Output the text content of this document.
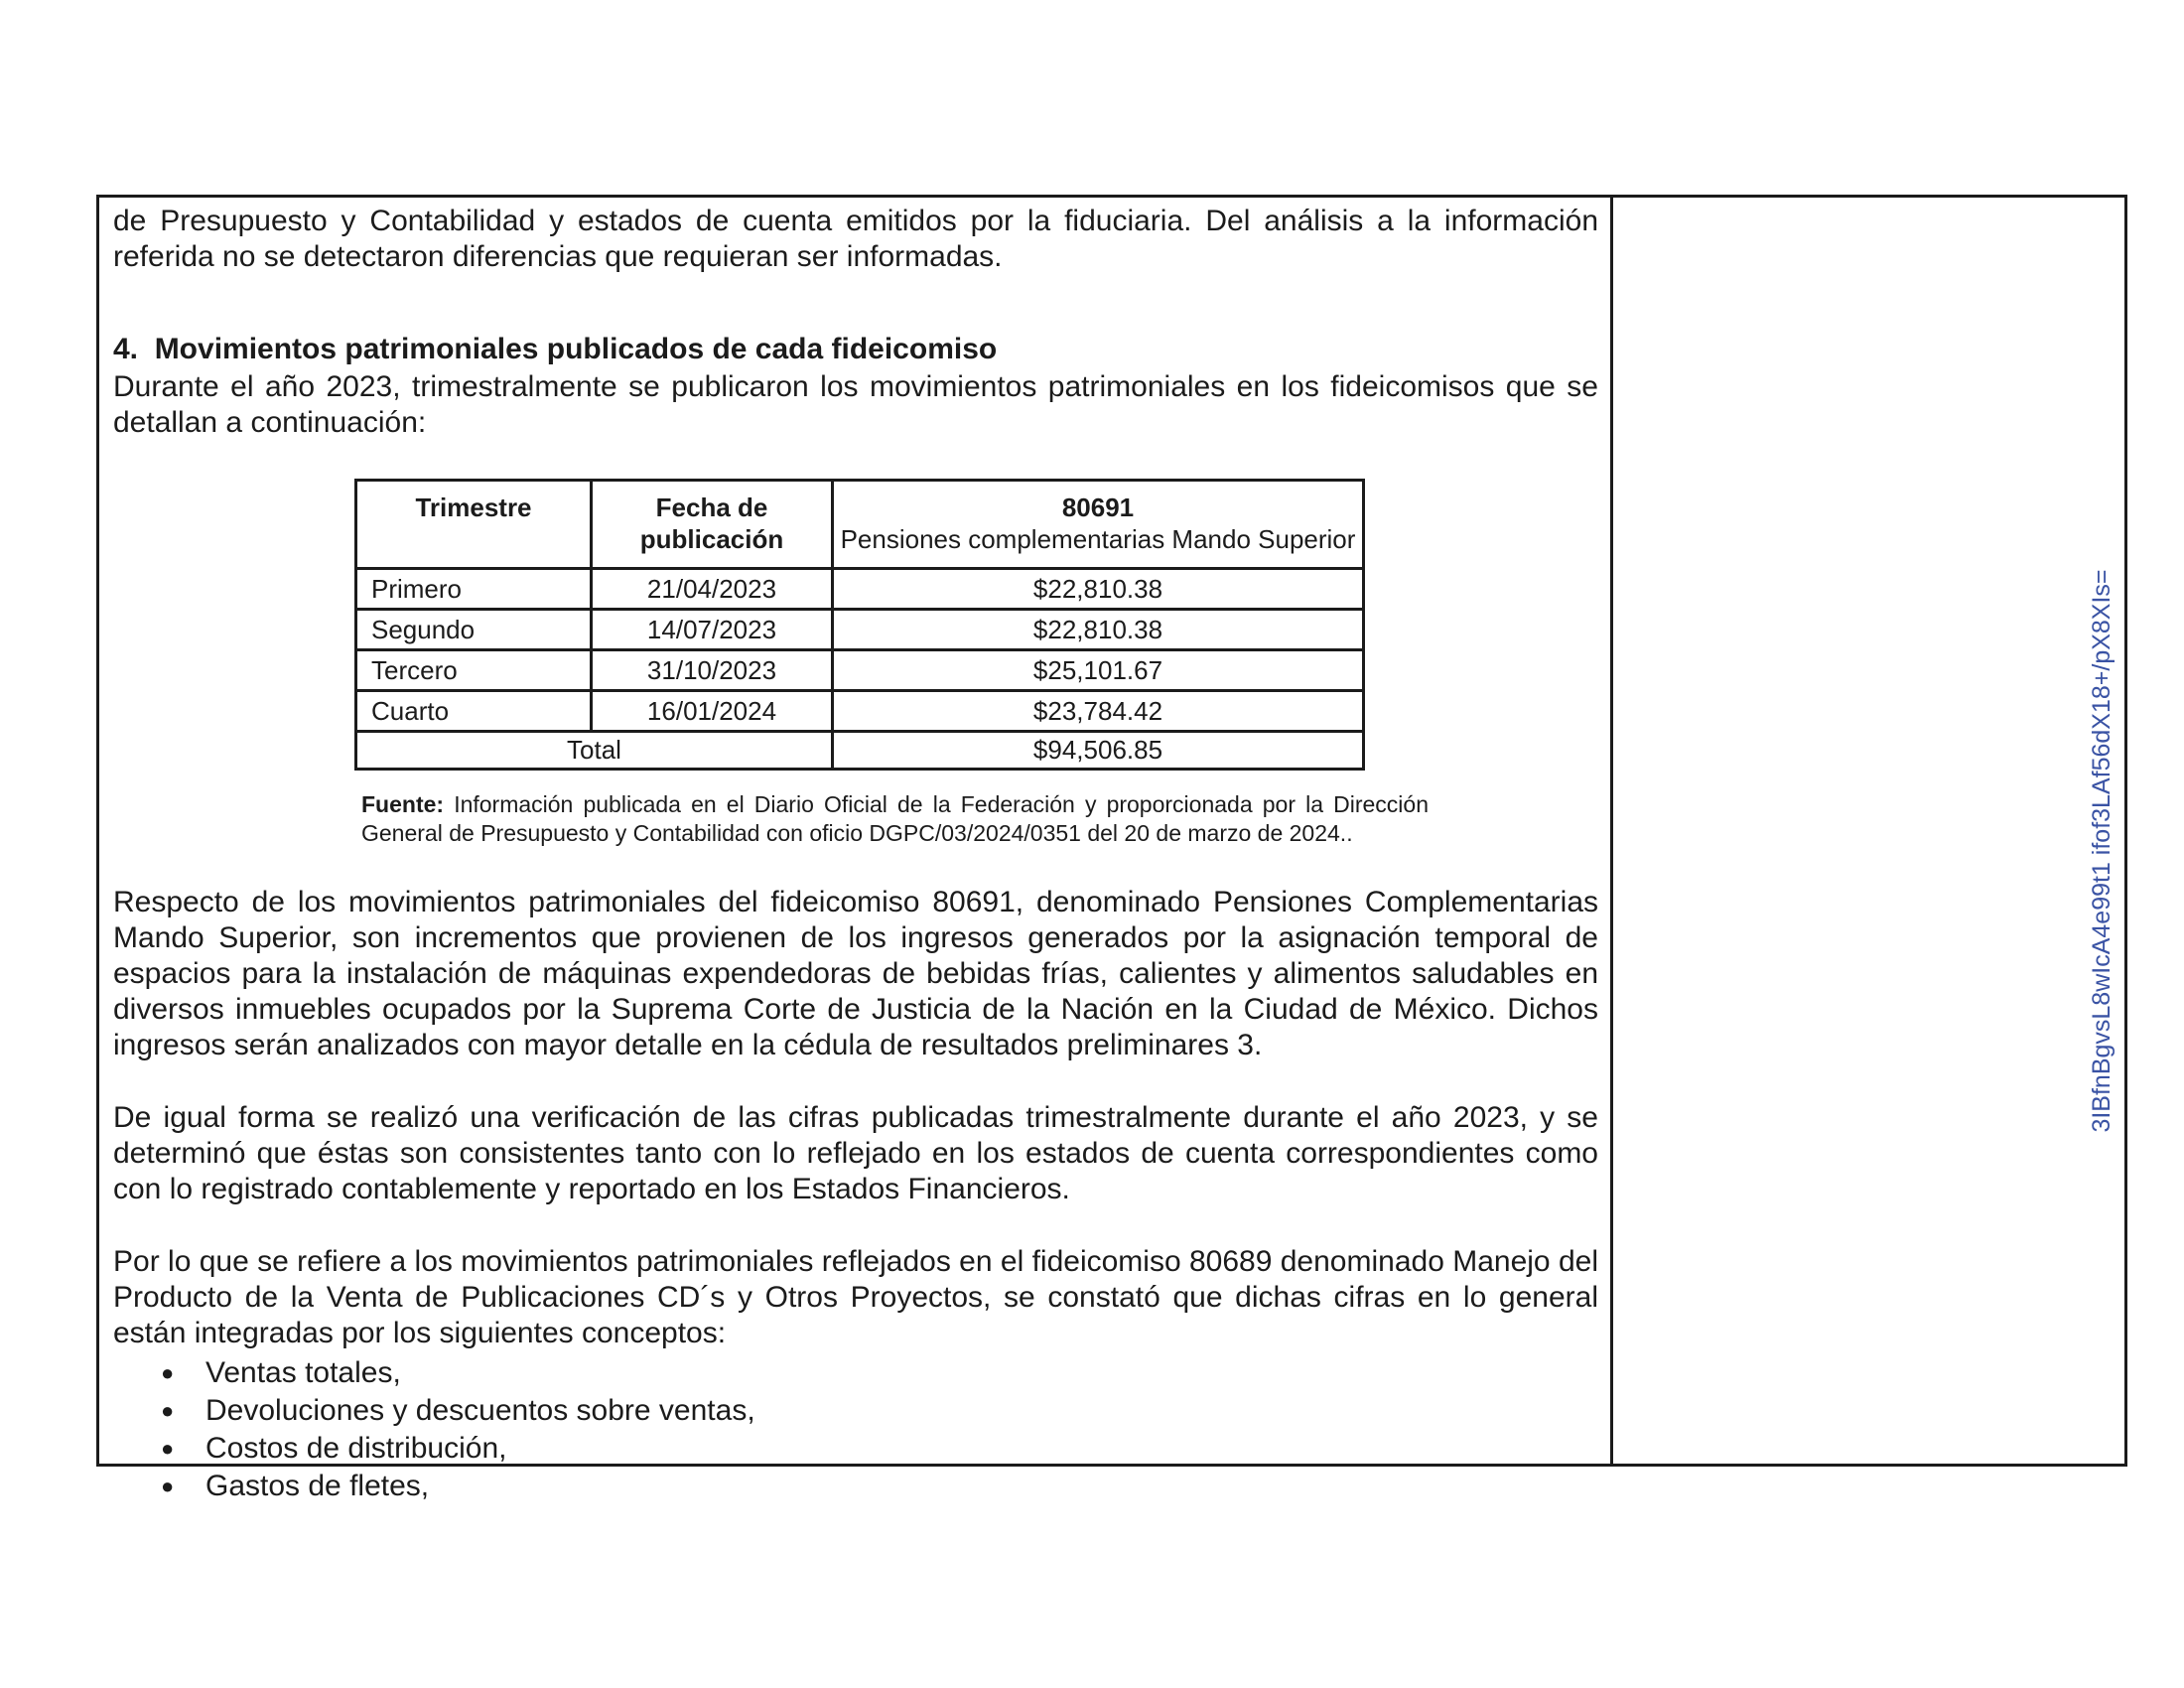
de Presupuesto y Contabilidad y estados de cuenta emitidos por la fiduciaria. Del análisis a la información referida no se detectaron diferencias que requieran ser informadas.

4.  Movimientos patrimoniales publicados de cada fideicomiso

Durante el año 2023, trimestralmente se publicaron los movimientos patrimoniales en los fideicomisos que se detallan a continuación:

Trimestre	Fecha de publicación	80691
Pensiones complementarias Mando Superior

Primero	21/04/2023	$22,810.38
Segundo	14/07/2023	$22,810.38
Tercero	31/10/2023	$25,101.67
Cuarto	16/01/2024	$23,784.42
Total		$94,506.85

Fuente: Información publicada en el Diario Oficial de la Federación y proporcionada por la Dirección General de Presupuesto y Contabilidad con oficio DGPC/03/2024/0351 del 20 de marzo de 2024..

Respecto de los movimientos patrimoniales del fideicomiso 80691, denominado Pensiones Complementarias Mando Superior, son incrementos que provienen de los ingresos generados por la asignación temporal de espacios para la instalación de máquinas expendedoras de bebidas frías, calientes y alimentos saludables en diversos inmuebles ocupados por la Suprema Corte de Justicia de la Nación en la Ciudad de México. Dichos ingresos serán analizados con mayor detalle en la cédula de resultados preliminares 3.

De igual forma se realizó una verificación de las cifras publicadas trimestralmente durante el año 2023, y se determinó que éstas son consistentes tanto con lo reflejado en los estados de cuenta correspondientes como con lo registrado contablemente y reportado en los Estados Financieros.

Por lo que se refiere a los movimientos patrimoniales reflejados en el fideicomiso 80689 denominado Manejo del Producto de la Venta de Publicaciones CD´s y Otros Proyectos, se constató que dichas cifras en lo general están integradas por los siguientes conceptos:

●	Ventas totales,
●	Devoluciones y descuentos sobre ventas,
●	Costos de distribución,
●	Gastos de fletes,
3IBfnBgvsL8wIcA4e99t1 ifof3LAf56dX18+/pX8XIs=
